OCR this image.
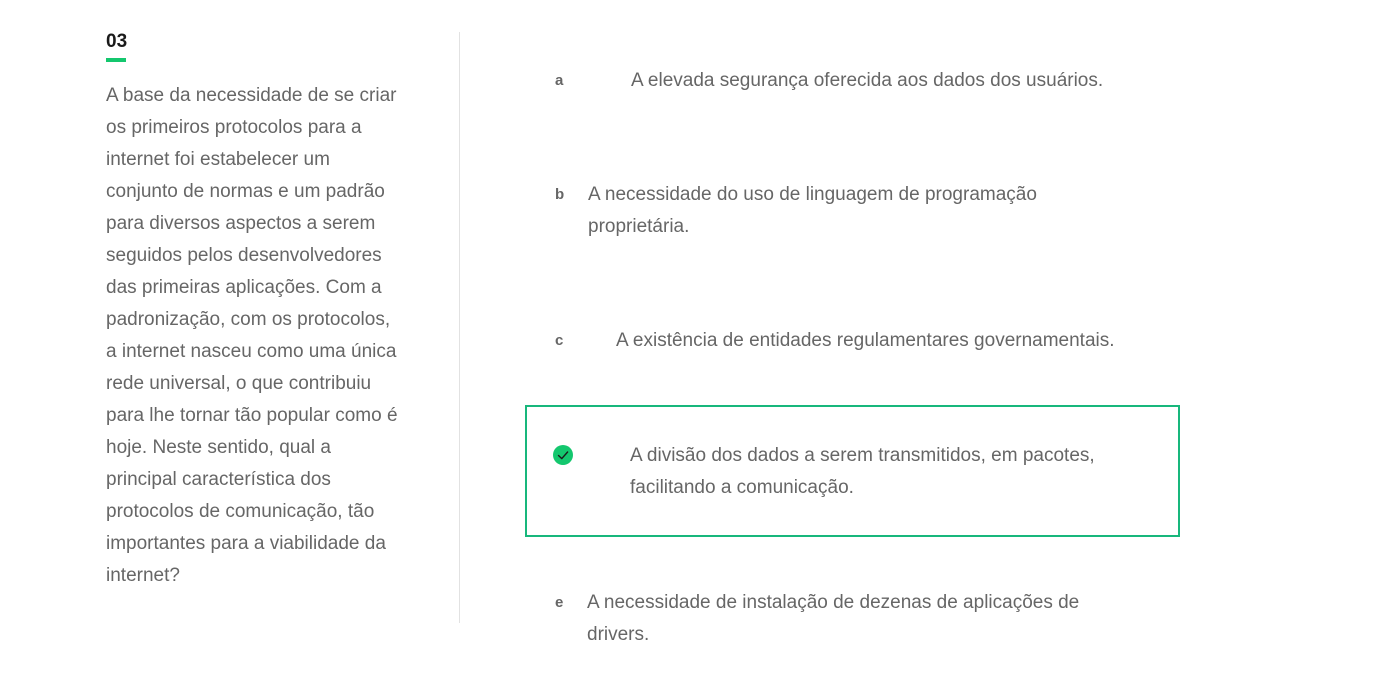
03
A base da necessidade de se criar os primeiros protocolos para a internet foi estabelecer um conjunto de normas e um padrão para diversos aspectos a serem seguidos pelos desenvolvedores das primeiras aplicações. Com a padronização, com os protocolos, a internet nasceu como uma única rede universal, o que contribuiu para lhe tornar tão popular como é hoje. Neste sentido, qual a principal característica dos protocolos de comunicação, tão importantes para a viabilidade da internet?
a	A elevada segurança oferecida aos dados dos usuários.
b A necessidade do uso de linguagem de programação proprietária.
c	A existência de entidades regulamentares governamentais.
A divisão dos dados a serem transmitidos, em pacotes, facilitando a comunicação.
e A necessidade de instalação de dezenas de aplicações de drivers.
